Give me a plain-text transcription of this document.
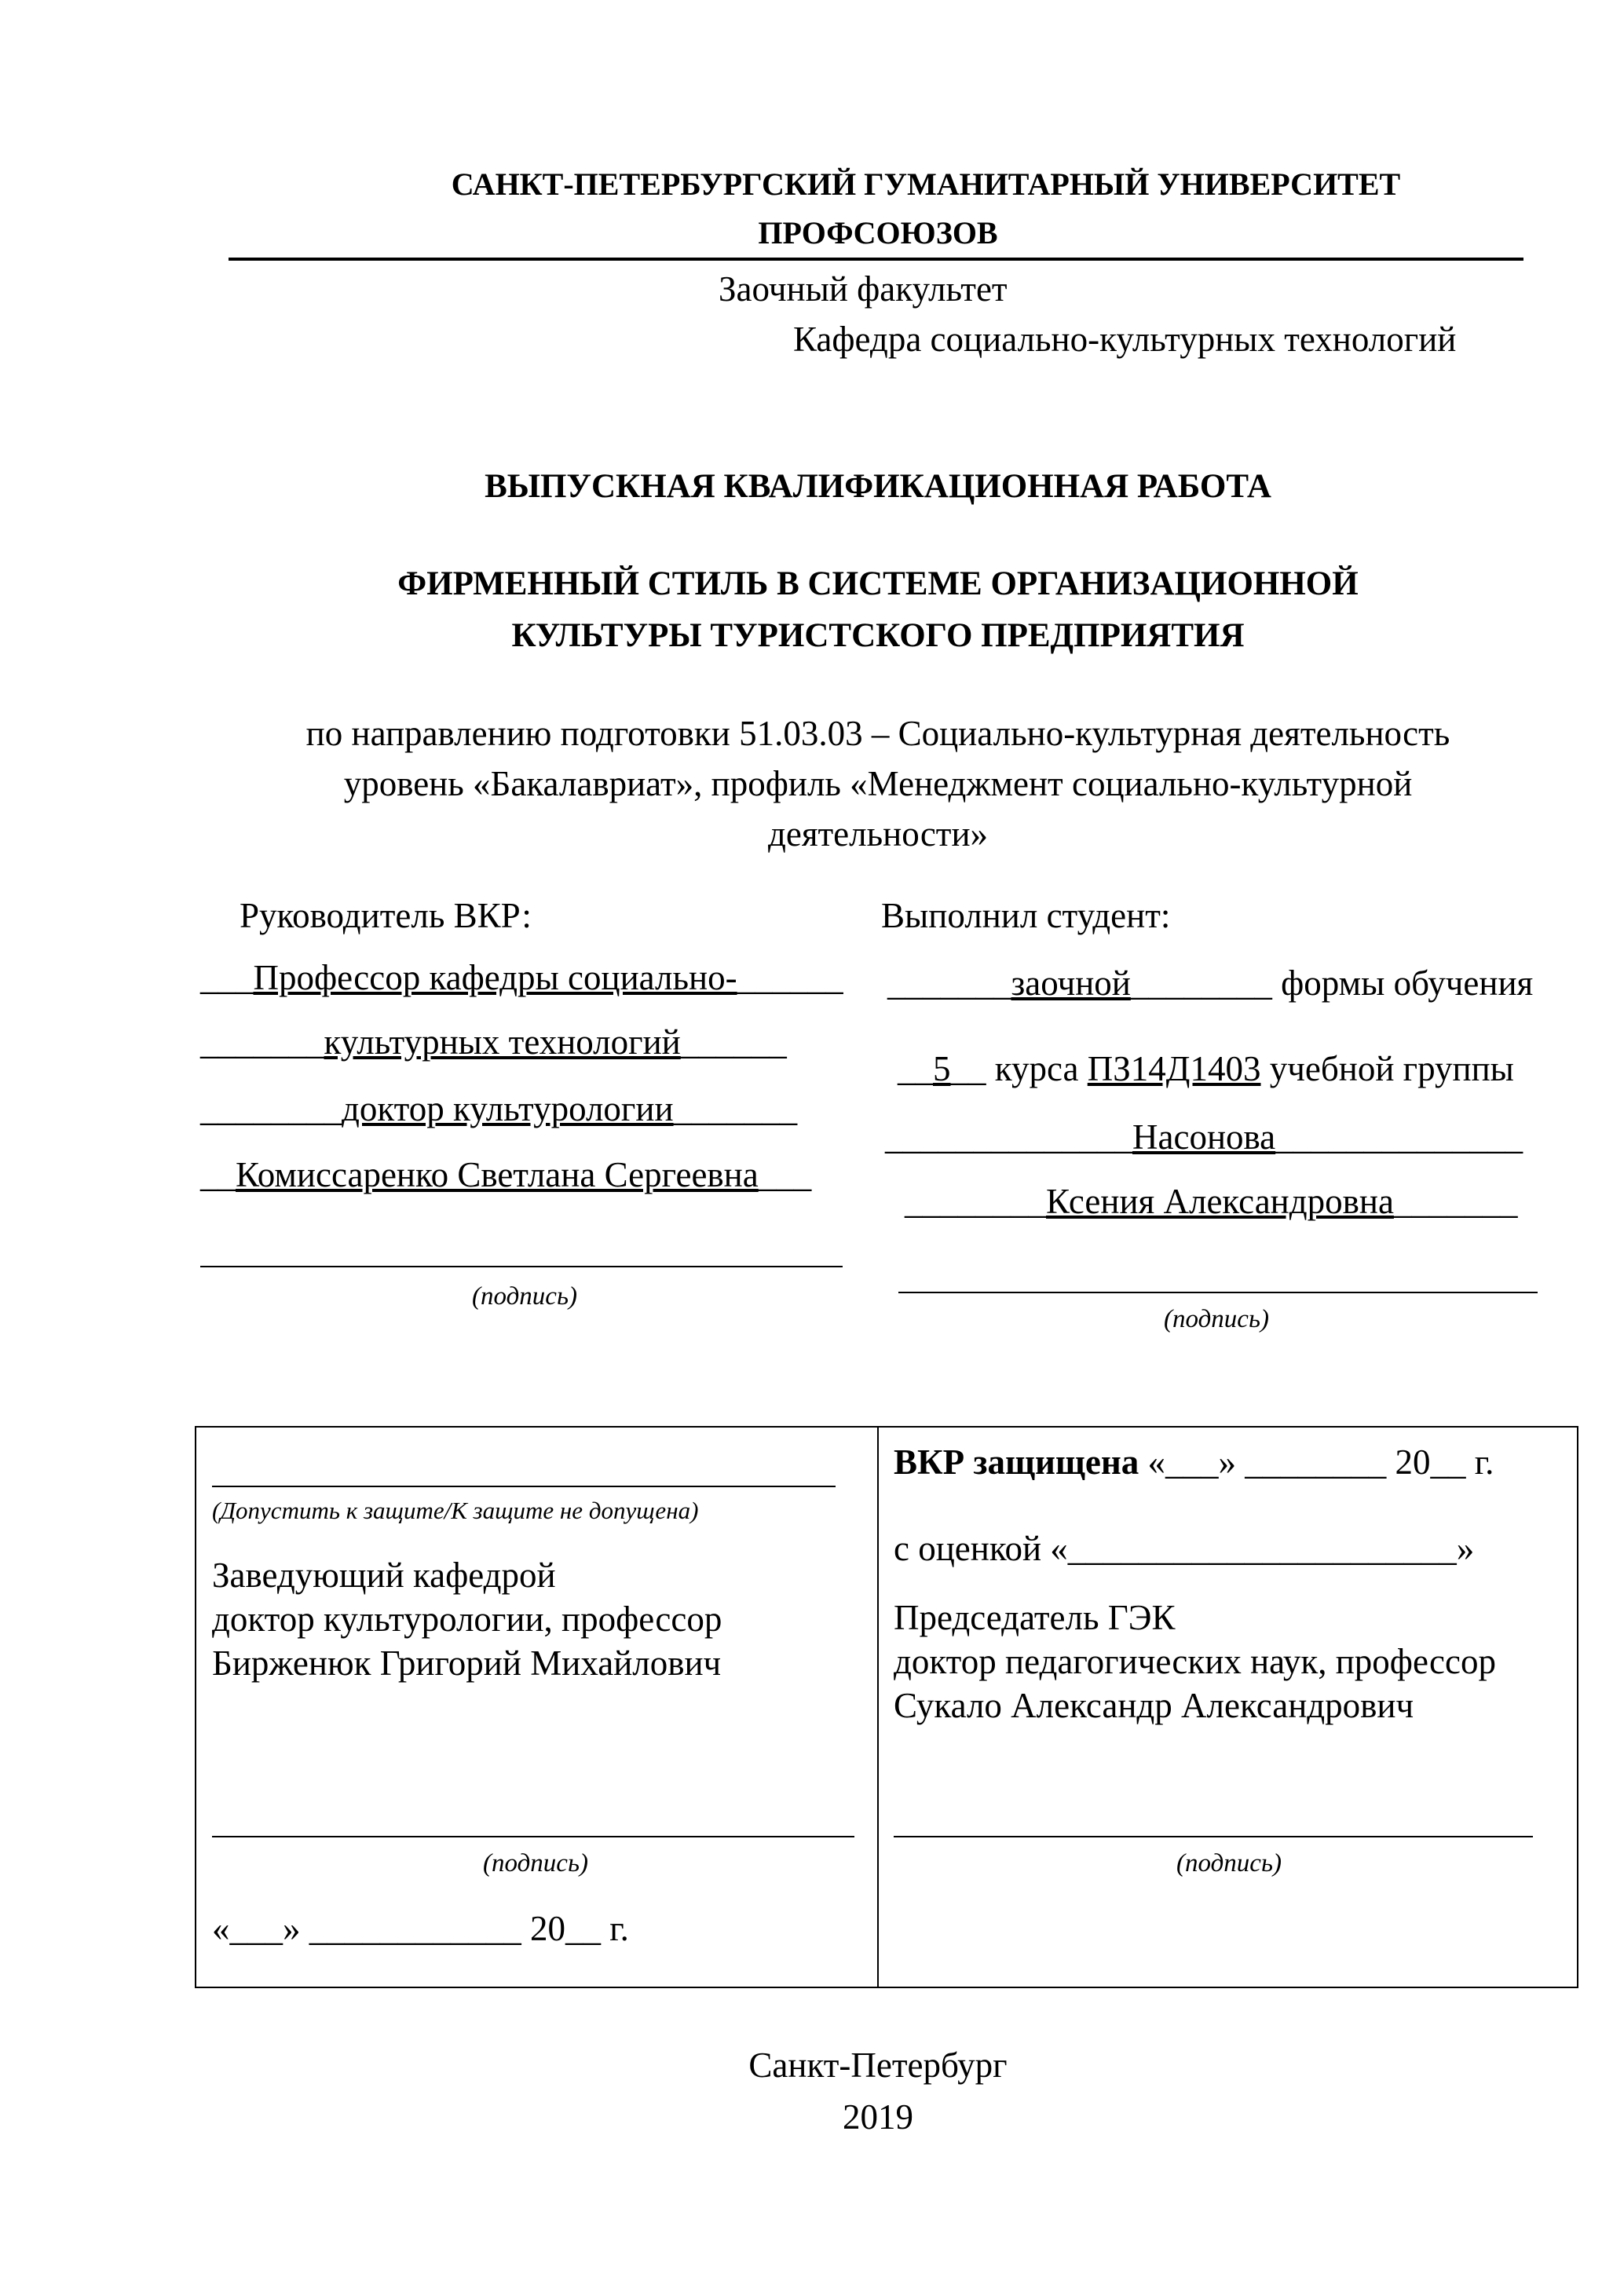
САНКТ-ПЕТЕРБУРГСКИЙ ГУМАНИТАРНЫЙ УНИВЕРСИТЕТ
ПРОФСОЮЗОВ
Заочный факультет
Кафедра социально-культурных технологий
ВЫПУСКНАЯ КВАЛИФИКАЦИОННАЯ РАБОТА
ФИРМЕННЫЙ СТИЛЬ В СИСТЕМЕ ОРГАНИЗАЦИОННОЙ
КУЛЬТУРЫ ТУРИСТСКОГО ПРЕДПРИЯТИЯ
по направлению подготовки 51.03.03 – Социально-культурная деятельность
уровень «Бакалавриат», профиль «Менеджмент социально-культурной
деятельности»
Руководитель ВКР:
___Профессор кафедры социально-______
_______культурных технологий______
________доктор культурологии_______
__Комиссаренко Светлана Сергеевна___
(подпись)
Выполнил студент:
_______заочной________ формы обучения
__5__ курса ПЗ14Д1403 учебной группы
______________Насонова______________
________Ксения Александровна_______
(подпись)
(Допустить к защите/К защите не допущена)
Заведующий кафедрой
доктор культурологии, профессор
Бирженюк Григорий Михайлович
(подпись)
«___» ____________ 20__ г.
ВКР защищена «___» ________ 20__ г.
с оценкой «______________________»
Председатель ГЭК
доктор педагогических наук, профессор
Сукало Александр Александрович
(подпись)
Санкт-Петербург
2019
